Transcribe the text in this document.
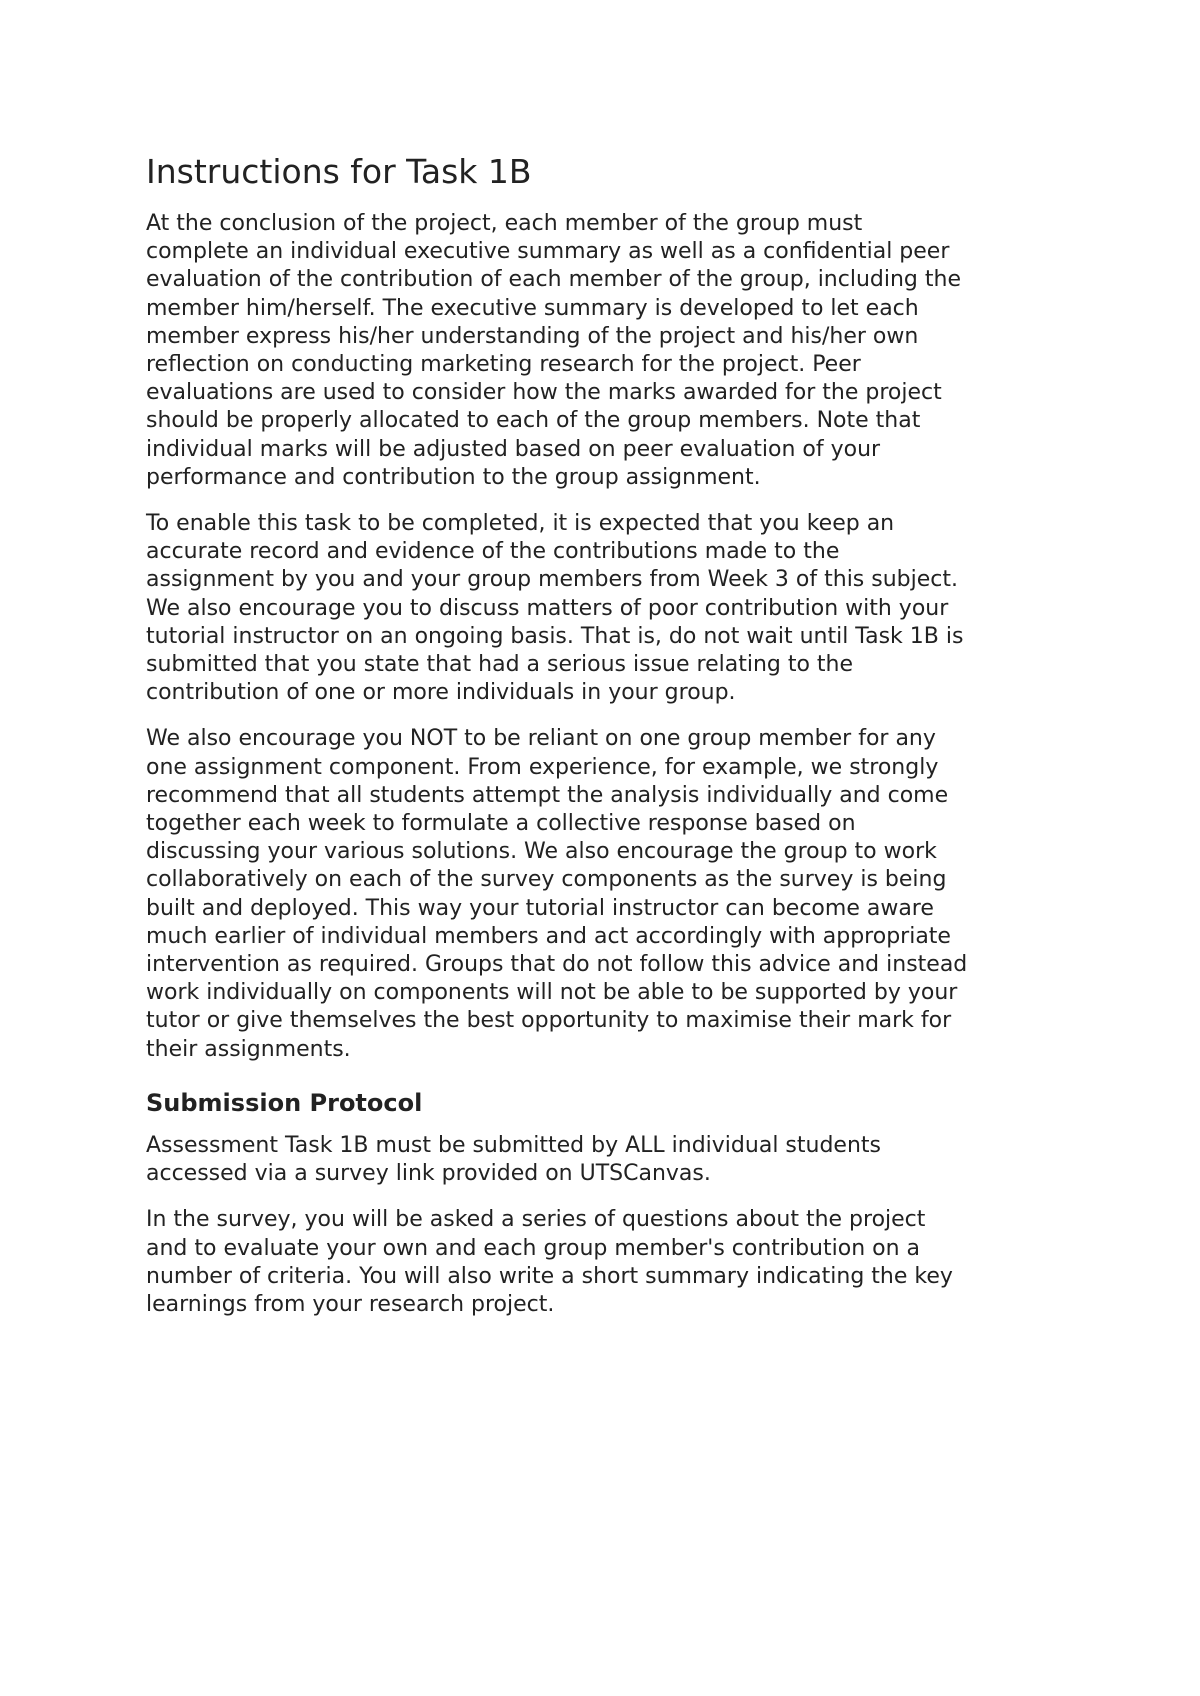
Instructions for Task 1B

At the conclusion of the project, each member of the group must
complete an individual executive summary as well as a confidential peer
evaluation of the contribution of each member of the group, including the
member him/herself. The executive summary is developed to let each
member express his/her understanding of the project and his/her own
reflection on conducting marketing research for the project. Peer
evaluations are used to consider how the marks awarded for the project
should be properly allocated to each of the group members. Note that
individual marks will be adjusted based on peer evaluation of your
performance and contribution to the group assignment.

To enable this task to be completed, it is expected that you keep an
accurate record and evidence of the contributions made to the
assignment by you and your group members from Week 3 of this subject.
We also encourage you to discuss matters of poor contribution with your
tutorial instructor on an ongoing basis. That is, do not wait until Task 1B is
submitted that you state that had a serious issue relating to the
contribution of one or more individuals in your group.

We also encourage you NOT to be reliant on one group member for any
one assignment component. From experience, for example, we strongly
recommend that all students attempt the analysis individually and come
together each week to formulate a collective response based on
discussing your various solutions. We also encourage the group to work
collaboratively on each of the survey components as the survey is being
built and deployed. This way your tutorial instructor can become aware
much earlier of individual members and act accordingly with appropriate
intervention as required. Groups that do not follow this advice and instead
work individually on components will not be able to be supported by your
tutor or give themselves the best opportunity to maximise their mark for
their assignments.

Submission Protocol

Assessment Task 1B must be submitted by ALL individual students
accessed via a survey link provided on UTSCanvas.

In the survey, you will be asked a series of questions about the project
and to evaluate your own and each group member's contribution on a
number of criteria. You will also write a short summary indicating the key
learnings from your research project.
